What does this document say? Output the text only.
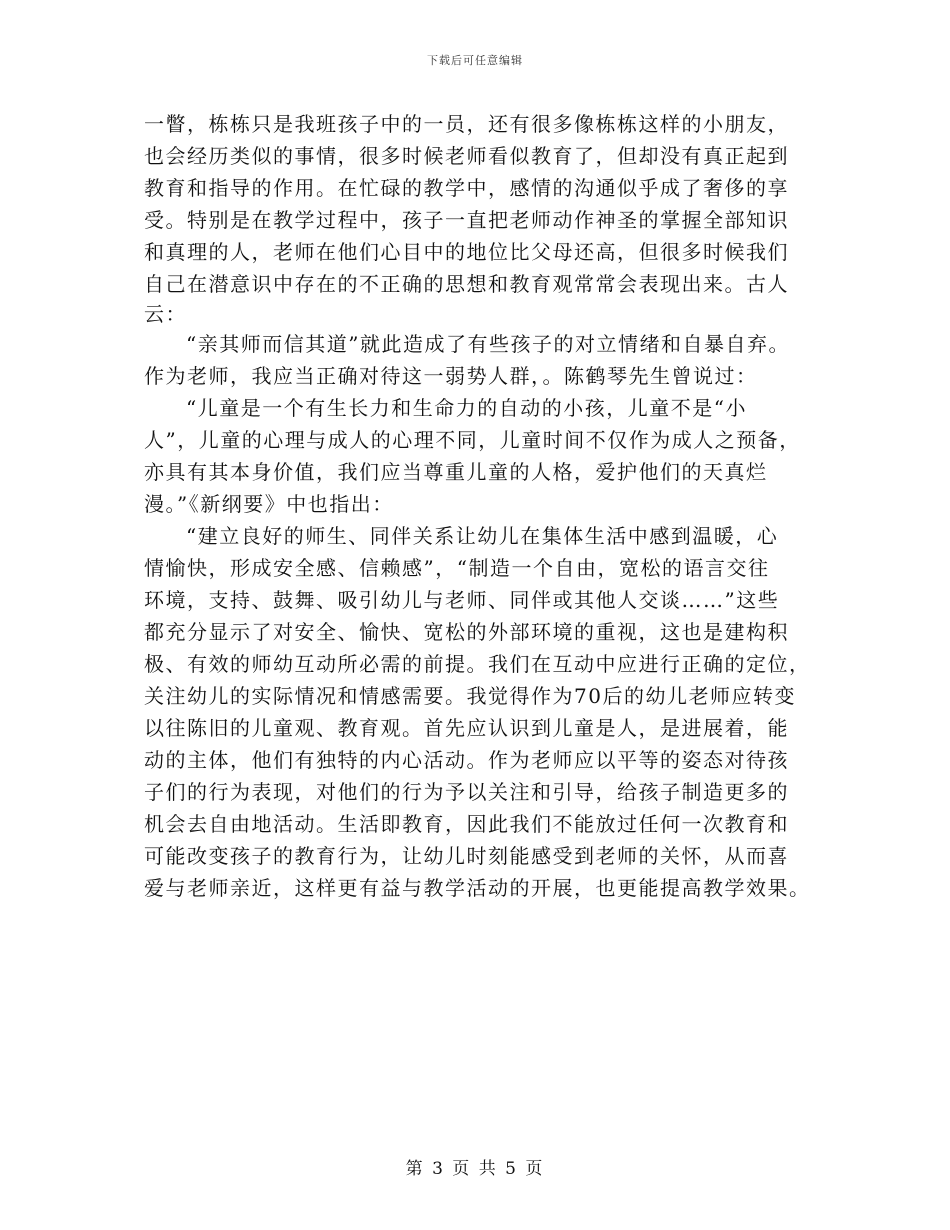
下载后可任意编辑
一瞥，栋栋只是我班孩子中的一员，还有很多像栋栋这样的小朋友，
也会经历类似的事情，很多时候老师看似教育了，但却没有真正起到
教育和指导的作用。在忙碌的教学中，感情的沟通似乎成了奢侈的享
受。特别是在教学过程中，孩子一直把老师动作神圣的掌握全部知识
和真理的人，老师在他们心目中的地位比父母还高，但很多时候我们
自己在潜意识中存在的不正确的思想和教育观常常会表现出来。古人
云：
“亲其师而信其道”就此造成了有些孩子的对立情绪和自暴自弃。
作为老师，我应当正确对待这一弱势人群，。陈鹤琴先生曾说过：
“儿童是一个有生长力和生命力的自动的小孩，儿童不是“小
人”，儿童的心理与成人的心理不同，儿童时间不仅作为成人之预备，
亦具有其本身价值，我们应当尊重儿童的人格，爱护他们的天真烂
漫。”《新纲要》中也指出：
“建立良好的师生、同伴关系让幼儿在集体生活中感到温暖，心
情愉快，形成安全感、信赖感”，“制造一个自由，宽松的语言交往
环境，支持、鼓舞、吸引幼儿与老师、同伴或其他人交谈……”这些
都充分显示了对安全、愉快、宽松的外部环境的重视，这也是建构积
极、有效的师幼互动所必需的前提。我们在互动中应进行正确的定位，
关注幼儿的实际情况和情感需要。我觉得作为70后的幼儿老师应转变
以往陈旧的儿童观、教育观。首先应认识到儿童是人，是进展着，能
动的主体，他们有独特的内心活动。作为老师应以平等的姿态对待孩
子们的行为表现，对他们的行为予以关注和引导，给孩子制造更多的
机会去自由地活动。生活即教育，因此我们不能放过任何一次教育和
可能改变孩子的教育行为，让幼儿时刻能感受到老师的关怀，从而喜
爱与老师亲近，这样更有益与教学活动的开展，也更能提高教学效果。
第 3 页 共 5 页
